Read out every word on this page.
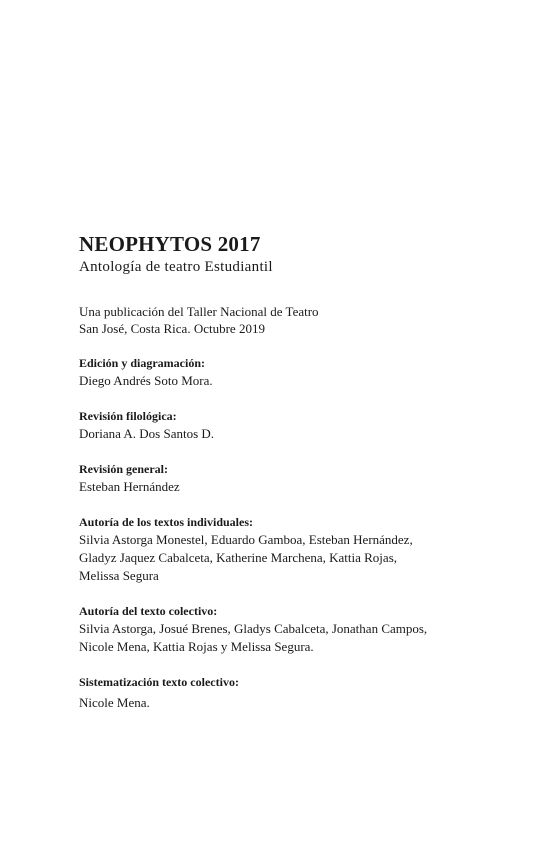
NEOPHYTOS 2017
Antología de teatro Estudiantil
Una publicación del Taller Nacional de Teatro
San José, Costa Rica. Octubre 2019
Edición y diagramación:
Diego Andrés Soto Mora.
Revisión filológica:
Doriana A. Dos Santos D.
Revisión general:
Esteban Hernández
Autoría de los textos individuales:
Silvia Astorga Monestel, Eduardo Gamboa, Esteban Hernández,
Gladyz Jaquez Cabalceta, Katherine Marchena, Kattia Rojas,
Melissa Segura
Autoría del texto colectivo:
Silvia Astorga, Josué Brenes, Gladys Cabalceta, Jonathan Campos,
Nicole Mena, Kattia Rojas y Melissa Segura.
Sistematización texto colectivo:
Nicole Mena.
